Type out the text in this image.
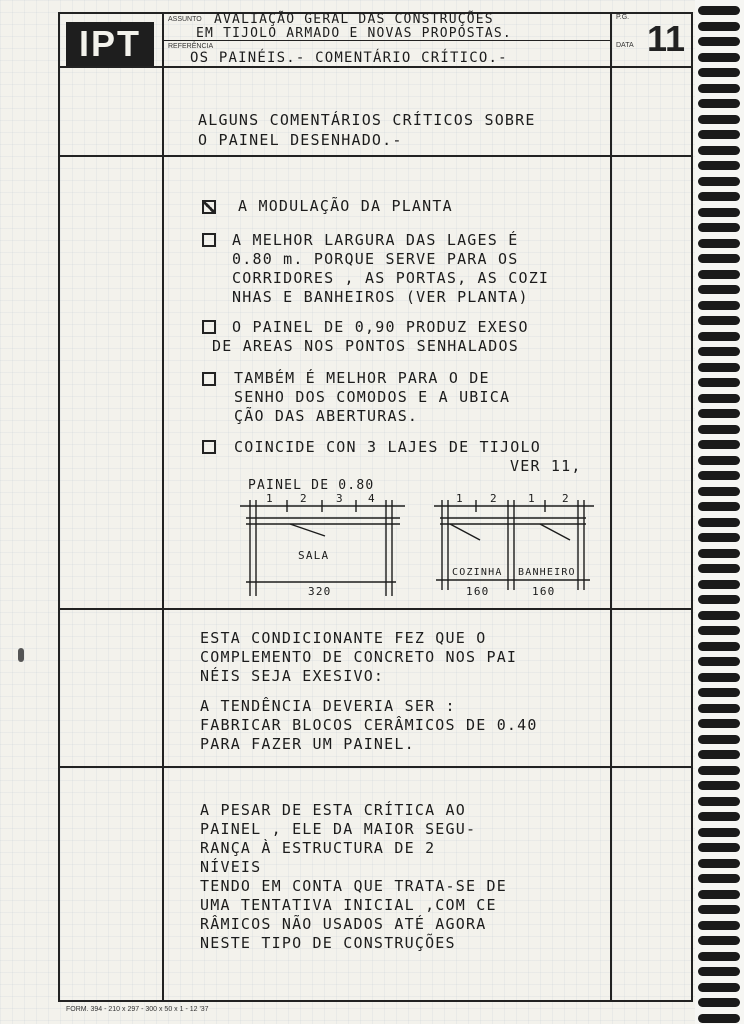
IPT
ASSUNTO AVALIAÇÃO GERAL DAS CONSTRUÇÕES
EM TIJOLO ARMADO E NOVAS PROPOSTAS.
REFERÊNCIA
OS PAINÉIS.- COMENTÁRIO CRÍTICO.-
P.G.
DATA 11
ALGUNS COMENTÁRIOS CRÍTICOS SOBRE
O PAINEL DESENHADO.-
A MODULAÇÃO DA PLANTA
A MELHOR LARGURA DAS LAGES É
0.80 m. PORQUE SERVE PARA OS
CORRIDORES , AS PORTAS, AS COZI
NHAS E BANHEIROS (VER PLANTA)
O PAINEL DE 0,90 PRODUZ EXESO
DE AREAS NOS PONTOS SENHALADOS
TAMBÉM É MELHOR PARA O DE
SENHO DOS COMODOS E A UBICA
ÇÃO DAS ABERTURAS.
COINCIDE CON 3 LAJES DE TIJOLO
VER 11,
PAINEL DE 0.80
1 2	3 4	1 2	1 2
SALA
320
COZINHA BANHEIRO
160	160
ESTA CONDICIONANTE FEZ QUE O
COMPLEMENTO DE CONCRETO NOS PAI
NÉIS SEJA EXESIVO:
A TENDÊNCIA DEVERIA SER :
FABRICAR BLOCOS CERÂMICOS DE 0.40
PARA FAZER UM PAINEL.
A PESAR DE ESTA CRÍTICA AO
PAINEL , ELE DA MAIOR SEGU-
RANÇA À ESTRUCTURA DE 2
NÍVEIS
TENDO EM CONTA QUE TRATA-SE DE
UMA TENTATIVA INICIAL ,COM CE
RÂMICOS NÃO USADOS ATÉ AGORA
NESTE TIPO DE CONSTRUÇÕES
FORM. 394 - 210 x 297 - 300 x 50 x 1 - 12 '37
